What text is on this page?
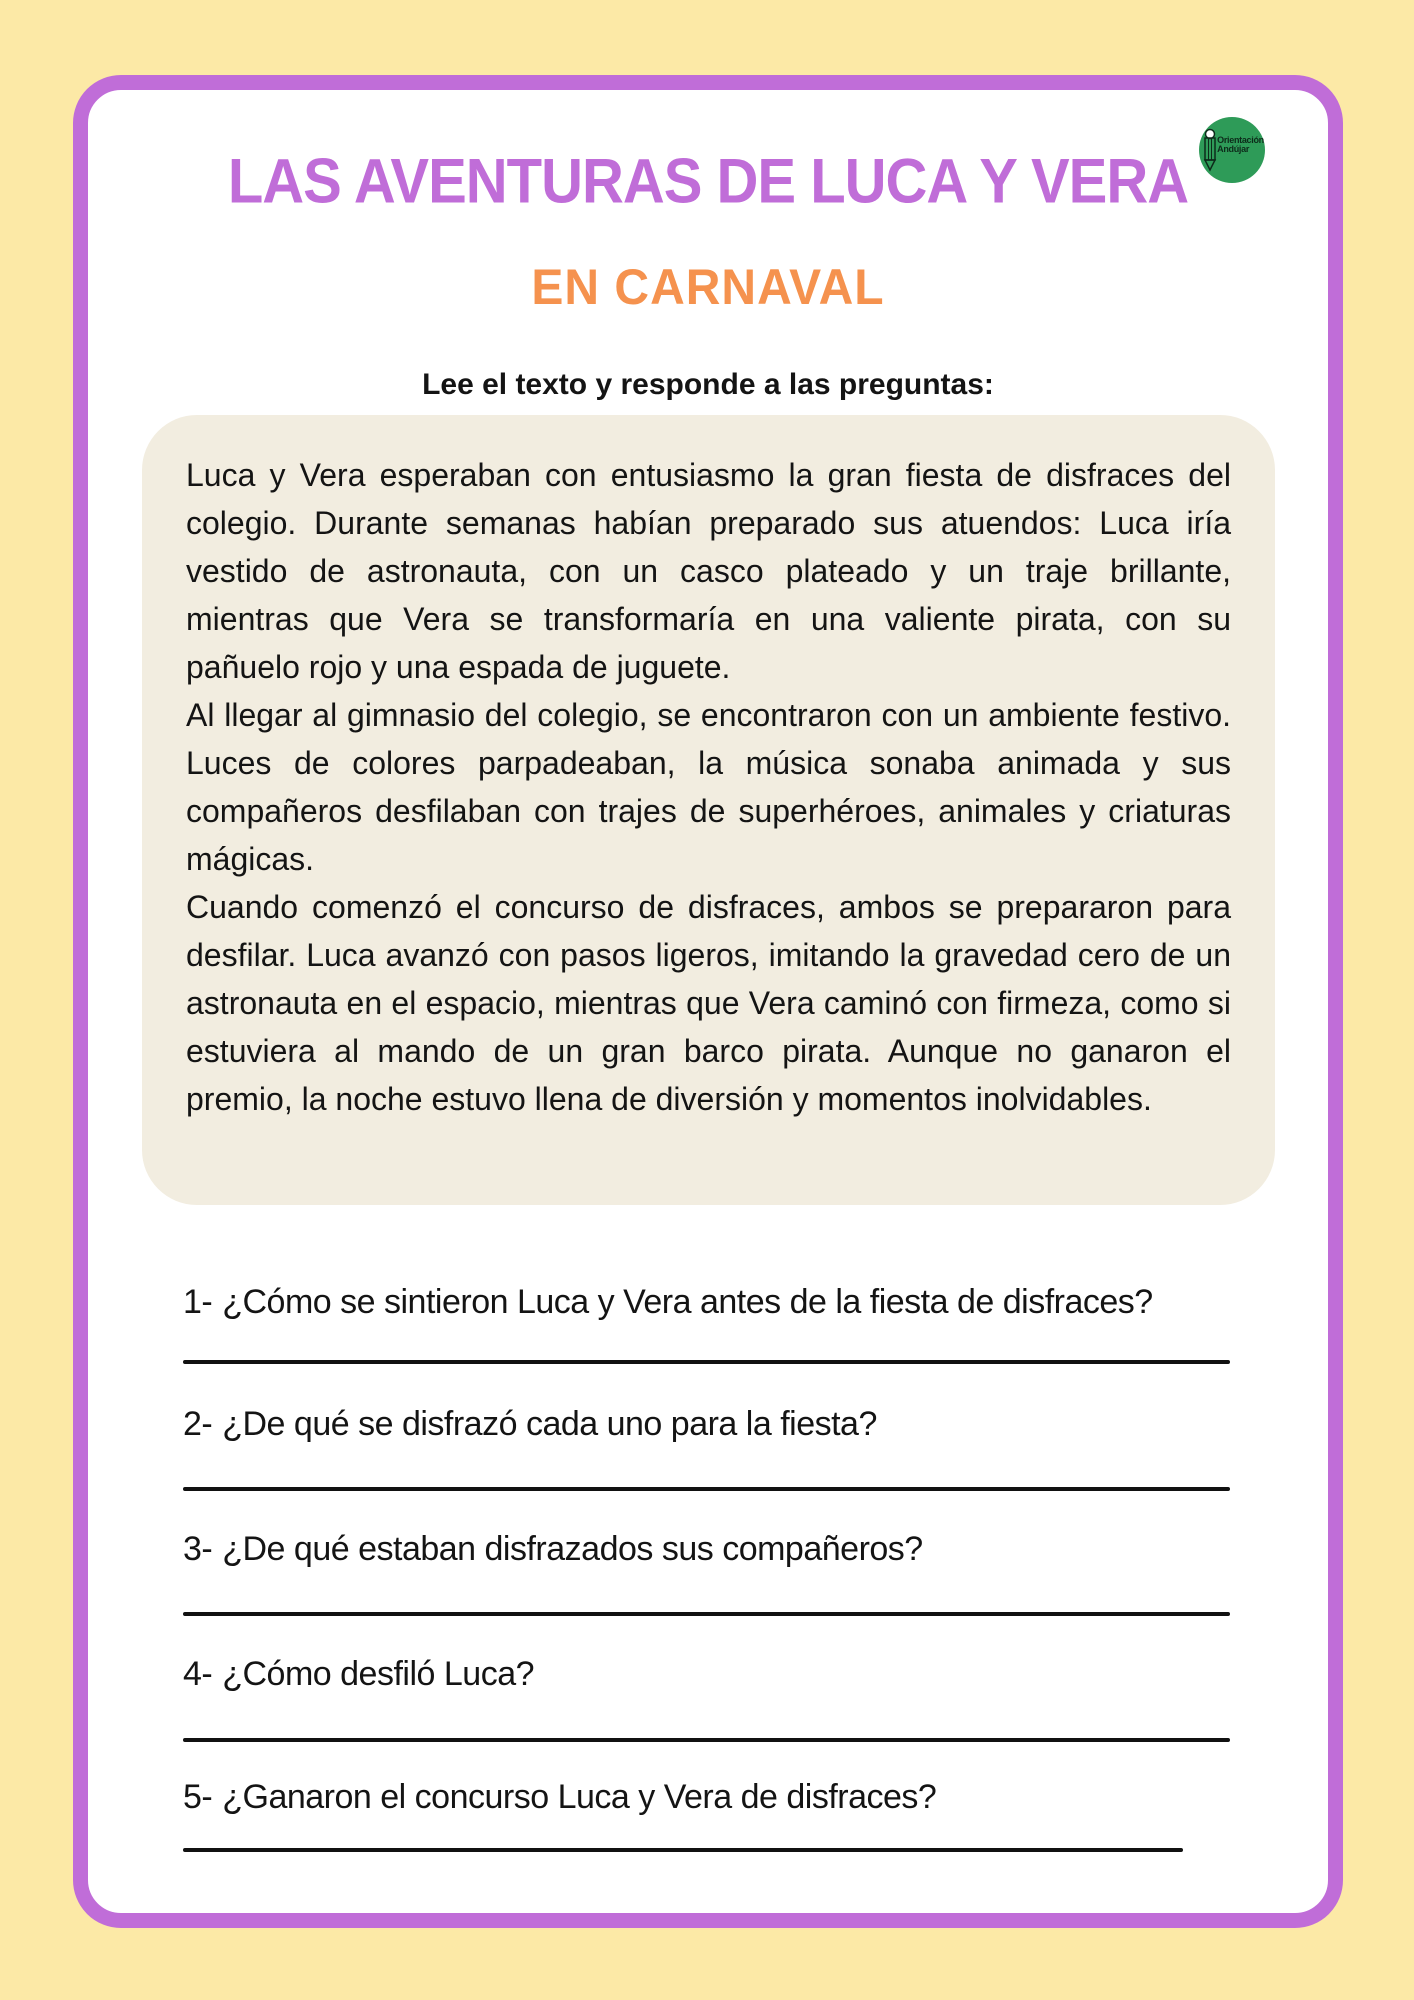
Orientación
Andújar
LAS AVENTURAS DE LUCA Y VERA
EN CARNAVAL

Lee el texto y responde a las preguntas:

Luca y Vera esperaban con entusiasmo la gran fiesta de disfraces del colegio. Durante semanas habían preparado sus atuendos: Luca iría vestido de astronauta, con un casco plateado y un traje brillante, mientras que Vera se transformaría en una valiente pirata, con su pañuelo rojo y una espada de juguete.

Al llegar al gimnasio del colegio, se encontraron con un ambiente festivo. Luces de colores parpadeaban, la música sonaba animada y sus compañeros desfilaban con trajes de superhéroes, animales y criaturas mágicas.

Cuando comenzó el concurso de disfraces, ambos se prepararon para desfilar. Luca avanzó con pasos ligeros, imitando la gravedad cero de un astronauta en el espacio, mientras que Vera caminó con firmeza, como si estuviera al mando de un gran barco pirata. Aunque no ganaron el premio, la noche estuvo llena de diversión y momentos inolvidables.

1- ¿Cómo se sintieron Luca y Vera antes de la fiesta de disfraces?
2- ¿De qué se disfrazó cada uno para la fiesta?
3- ¿De qué estaban disfrazados sus compañeros?
4- ¿Cómo desfiló Luca?
5- ¿Ganaron el concurso Luca y Vera de disfraces?
